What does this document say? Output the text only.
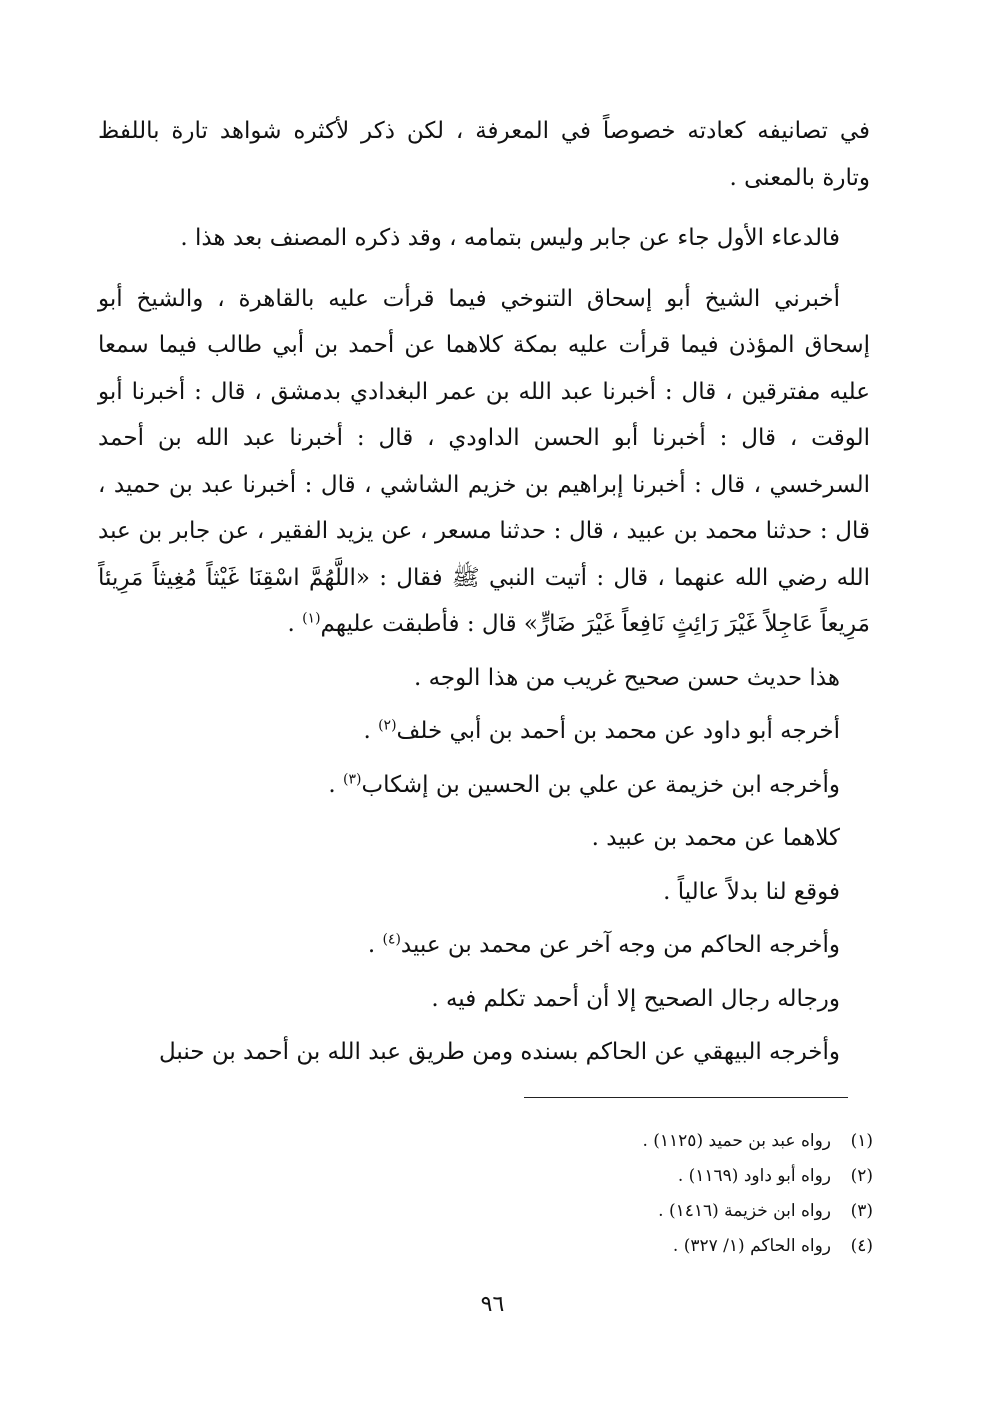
في تصانيفه كعادته خصوصاً في المعرفة ، لكن ذكر لأكثره شواهد تارة باللفظ وتارة بالمعنى .

فالدعاء الأول جاء عن جابر وليس بتمامه ، وقد ذكره المصنف بعد هذا .

أخبرني الشيخ أبو إسحاق التنوخي فيما قرأت عليه بالقاهرة ، والشيخ أبو إسحاق المؤذن فيما قرأت عليه بمكة كلاهما عن أحمد بن أبي طالب فيما سمعا عليه مفترقين ، قال : أخبرنا عبد الله بن عمر البغدادي بدمشق ، قال : أخبرنا أبو الوقت ، قال : أخبرنا أبو الحسن الداودي ، قال : أخبرنا عبد الله بن أحمد السرخسي ، قال : أخبرنا إبراهيم بن خزيم الشاشي ، قال : أخبرنا عبد بن حميد ، قال : حدثنا محمد بن عبيد ، قال : حدثنا مسعر ، عن يزيد الفقير ، عن جابر بن عبد الله رضي الله عنهما ، قال : أتيت النبي ﷺ فقال : «اللَّهُمَّ اسْقِنَا غَيْثاً مُغِيثاً مَرِيئاً مَرِيعاً عَاجِلاً غَيْرَ رَائِثٍ نَافِعاً غَيْرَ ضَارٍّ» قال : فأطبقت عليهم$^{(١)}$ .

هذا حديث حسن صحيح غريب من هذا الوجه .

أخرجه أبو داود عن محمد بن أحمد بن أبي خلف$^{(٢)}$ .

وأخرجه ابن خزيمة عن علي بن الحسين بن إشكاب$^{(٣)}$ .

كلاهما عن محمد بن عبيد .

فوقع لنا بدلاً عالياً .

وأخرجه الحاكم من وجه آخر عن محمد بن عبيد$^{(٤)}$ .

ورجاله رجال الصحيح إلا أن أحمد تكلم فيه .

وأخرجه البيهقي عن الحاكم بسنده ومن طريق عبد الله بن أحمد بن حنبل

(١)رواه عبد بن حميد (١١٢٥) .
(٢)رواه أبو داود (١١٦٩) .
(٣)رواه ابن خزيمة (١٤١٦) .
(٤)رواه الحاكم (١/ ٣٢٧) .
٩٦
